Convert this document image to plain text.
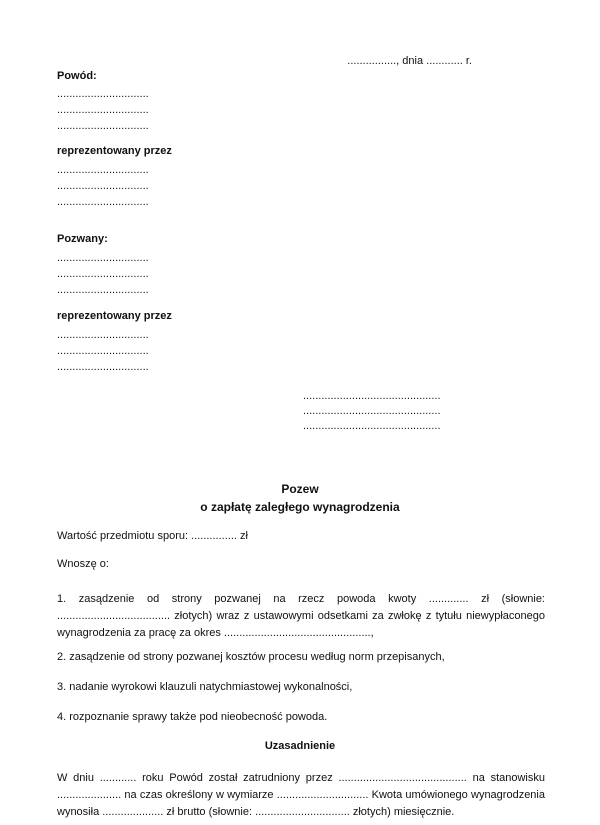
................, dnia ............ r.
Powód:
..............................
..............................
..............................
reprezentowany przez
..............................
..............................
..............................
Pozwany:
..............................
..............................
..............................
reprezentowany przez
..............................
..............................
..............................
.............................................
.............................................
.............................................
Pozew
o zapłatę zaległego wynagrodzenia
Wartość przedmiotu sporu: ............... zł
Wnoszę o:
1. zasądzenie od strony pozwanej na rzecz powoda kwoty ............. zł (słownie: ..................................... złotych) wraz z ustawowymi odsetkami za zwłokę z tytułu niewypłaconego wynagrodzenia za pracę za okres ................................................,
2. zasądzenie od strony pozwanej kosztów procesu według norm przepisanych,
3. nadanie wyrokowi klauzuli natychmiastowej wykonalności,
4. rozpoznanie sprawy także pod nieobecność powoda.
Uzasadnienie
W dniu ............ roku Powód został zatrudniony przez .......................................... na stanowisku ..................... na czas określony w wymiarze .............................. Kwota umówionego wynagrodzenia wynosiła .................... zł brutto (słownie: ............................... złotych) miesięcznie.
